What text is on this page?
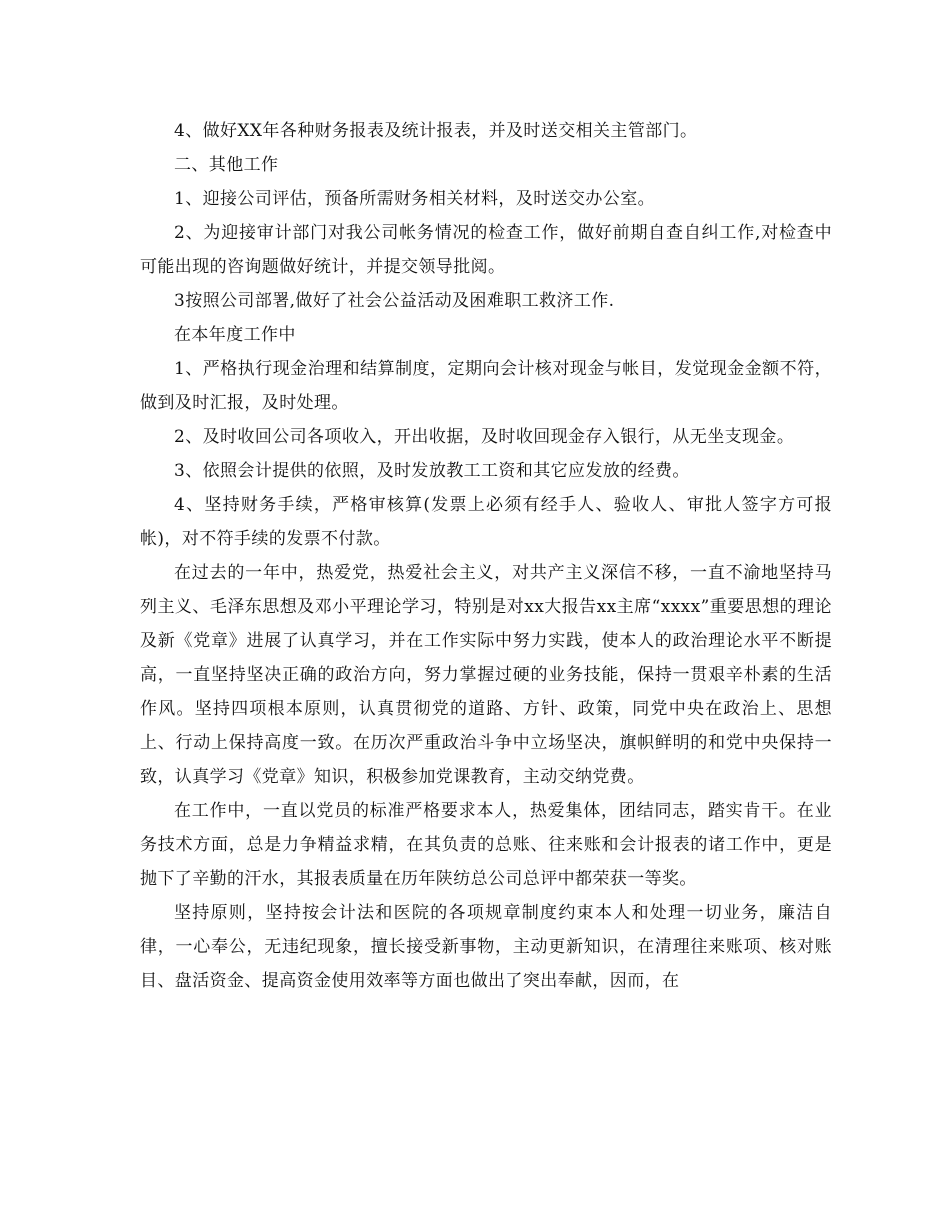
4、做好XX年各种财务报表及统计报表，并及时送交相关主管部门。

二、其他工作

1、迎接公司评估，预备所需财务相关材料，及时送交办公室。

2、为迎接审计部门对我公司帐务情况的检查工作，做好前期自查自纠工作,对检查中可能出现的咨询题做好统计，并提交领导批阅。

3按照公司部署,做好了社会公益活动及困难职工救济工作.

在本年度工作中

1、严格执行现金治理和结算制度，定期向会计核对现金与帐目，发觉现金金额不符，做到及时汇报，及时处理。

2、及时收回公司各项收入，开出收据，及时收回现金存入银行，从无坐支现金。

3、依照会计提供的依照，及时发放教工工资和其它应发放的经费。

4、坚持财务手续，严格审核算(发票上必须有经手人、验收人、审批人签字方可报帐)，对不符手续的发票不付款。

在过去的一年中，热爱党，热爱社会主义，对共产主义深信不移，一直不渝地坚持马列主义、毛泽东思想及邓小平理论学习，特别是对xx大报告xx主席“xxxx”重要思想的理论及新《党章》进展了认真学习，并在工作实际中努力实践，使本人的政治理论水平不断提高，一直坚持坚决正确的政治方向，努力掌握过硬的业务技能，保持一贯艰辛朴素的生活作风。坚持四项根本原则，认真贯彻党的道路、方针、政策，同党中央在政治上、思想上、行动上保持高度一致。在历次严重政治斗争中立场坚决，旗帜鲜明的和党中央保持一致，认真学习《党章》知识，积极参加党课教育，主动交纳党费。

在工作中，一直以党员的标准严格要求本人，热爱集体，团结同志，踏实肯干。在业务技术方面，总是力争精益求精，在其负责的总账、往来账和会计报表的诸工作中，更是抛下了辛勤的汗水，其报表质量在历年陕纺总公司总评中都荣获一等奖。

坚持原则，坚持按会计法和医院的各项规章制度约束本人和处理一切业务，廉洁自律，一心奉公，无违纪现象，擅长接受新事物，主动更新知识，在清理往来账项、核对账目、盘活资金、提高资金使用效率等方面也做出了突出奉献，因而，在
